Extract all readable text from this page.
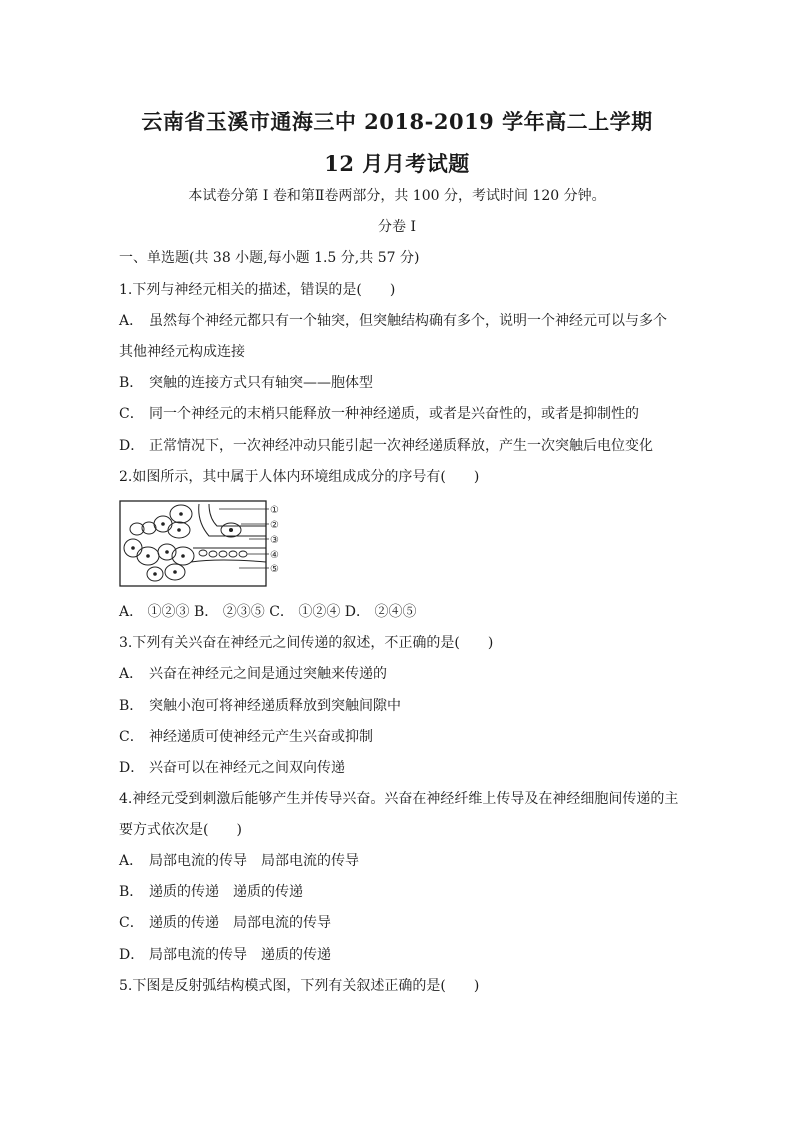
云南省玉溪市通海三中 2018-2019 学年高二上学期
12 月月考试题
本试卷分第 I 卷和第Ⅱ卷两部分，共 100 分，考试时间 120 分钟。
分卷 I
一、单选题(共 38 小题,每小题 1.5 分,共 57 分)
1.下列与神经元相关的描述，错误的是(　　)
A． 虽然每个神经元都只有一个轴突，但突触结构确有多个，说明一个神经元可以与多个
其他神经元构成连接
B． 突触的连接方式只有轴突——胞体型
C． 同一个神经元的末梢只能释放一种神经递质，或者是兴奋性的，或者是抑制性的
D． 正常情况下，一次神经冲动只能引起一次神经递质释放，产生一次突触后电位变化
2.如图所示，其中属于人体内环境组成成分的序号有(　　)
①
②
③
④
⑤
A． ①②③ B． ②③⑤ C． ①②④ D． ②④⑤
3.下列有关兴奋在神经元之间传递的叙述，不正确的是(　　)
A． 兴奋在神经元之间是通过突触来传递的
B． 突触小泡可将神经递质释放到突触间隙中
C． 神经递质可使神经元产生兴奋或抑制
D． 兴奋可以在神经元之间双向传递
4.神经元受到刺激后能够产生并传导兴奋。兴奋在神经纤维上传导及在神经细胞间传递的主
要方式依次是(　　)
A． 局部电流的传导　局部电流的传导
B． 递质的传递　递质的传递
C． 递质的传递　局部电流的传导
D． 局部电流的传导　递质的传递
5.下图是反射弧结构模式图，下列有关叙述正确的是(　　)
